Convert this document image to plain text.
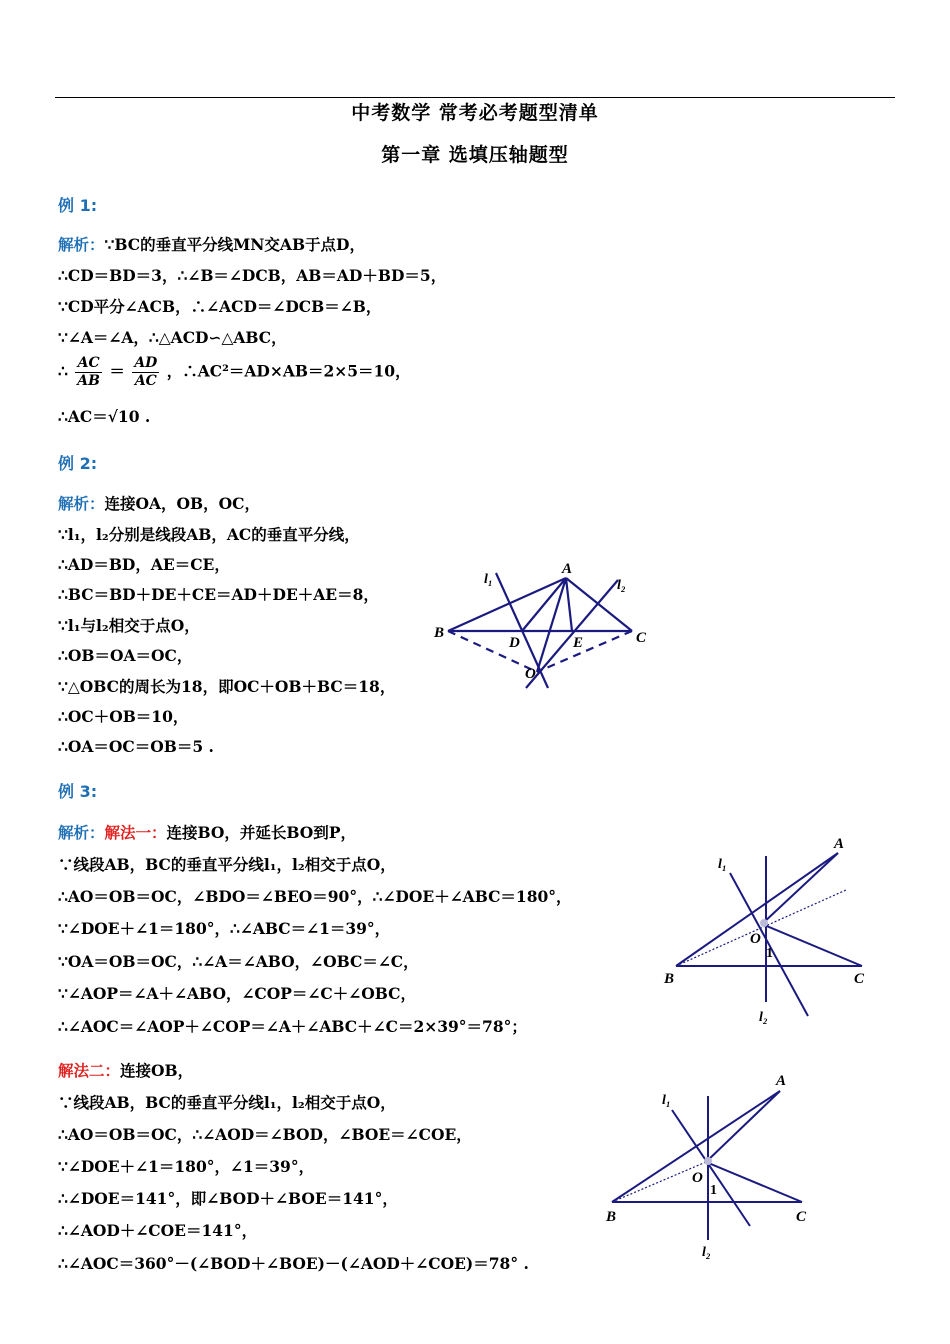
中考数学 常考必考题型清单
第一章 选填压轴题型
例 1:
解析：∵BC的垂直平分线MN交AB于点D，
∴CD＝BD＝3，∴∠B＝∠DCB，AB＝AD＋BD＝5，
∵CD平分∠ACB，∴∠ACD＝∠DCB＝∠B，
∵∠A＝∠A，∴△ACD∽△ABC，
∴ $\frac{AC}{AB} = \frac{AD}{AC}$ ，∴AC²＝AD×AB＝2×5＝10，
∴AC＝√10 .
例 2:
解析：连接OA，OB，OC，
∵l₁，l₂分别是线段AB，AC的垂直平分线，
∴AD＝BD，AE＝CE，
∴BC＝BD＋DE＋CE＝AD＋DE＋AE＝8，
∵l₁与l₂相交于点O，
∴OB＝OA＝OC，
∵△OBC的周长为18，即OC＋OB＋BC＝18，
∴OC＋OB＝10，
∴OA＝OC＝OB＝5 .
A
B	C
D	E
O
l₁	l₂
例 3:
解析：解法一：连接BO，并延长BO到P，
∵线段AB，BC的垂直平分线l₁，l₂相交于点O，
∴AO＝OB＝OC，∠BDO＝∠BEO＝90°，∴∠DOE＋∠ABC＝180°，
∵∠DOE＋∠1＝180°，∴∠ABC＝∠1＝39°，
∵OA＝OB＝OC，∴∠A＝∠ABO，∠OBC＝∠C，
∵∠AOP＝∠A＋∠ABO，∠COP＝∠C＋∠OBC，
∴∠AOC＝∠AOP＋∠COP＝∠A＋∠ABC＋∠C＝2×39°＝78°；
解法二：连接OB，
∵线段AB，BC的垂直平分线l₁，l₂相交于点O，
∴AO＝OB＝OC，∴∠AOD＝∠BOD，∠BOE＝∠COE，
∵∠DOE＋∠1＝180°，∠1＝39°，
∴∠DOE＝141°，即∠BOD＋∠BOE＝141°，
∴∠AOD＋∠COE＝141°，
∴∠AOC＝360°－(∠BOD＋∠BOE)－(∠AOD＋∠COE)＝78° .
A
B	C
O
1
l₁
l₂
A
B	C
O
1
l₁
l₂
